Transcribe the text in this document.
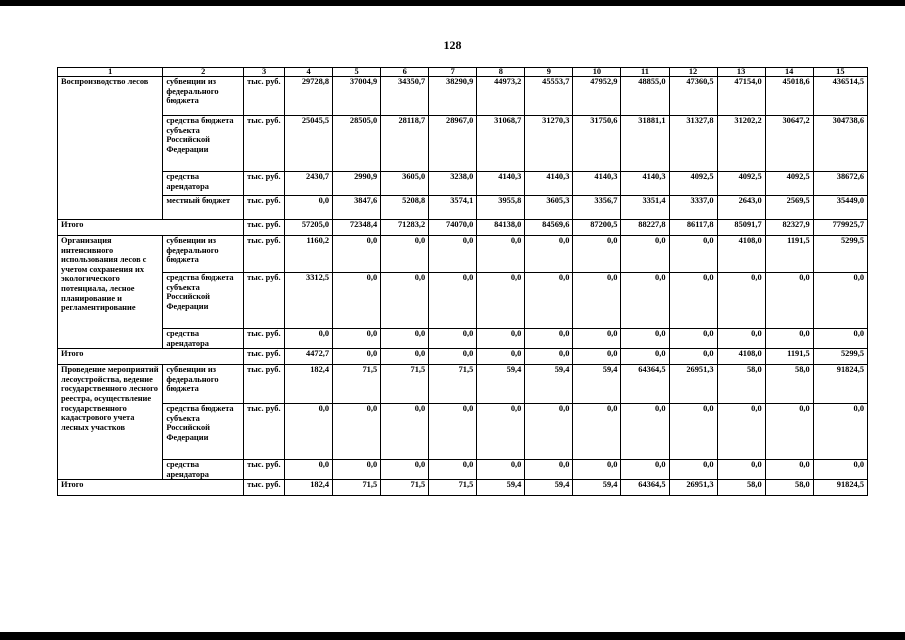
128
1	2	3	4	5	6	7	8	9	10	11	12	13	14	15
Воспроизводство лесов	субвенции из федерального бюджета	тыс. руб.	29728,8	37004,9	34350,7	38290,9	44973,2	45553,7	47952,9	48855,0	47360,5	47154,0	45018,6	436514,5
	средства бюджета субъекта Российской Федерации	тыс. руб.	25045,5	28505,0	28118,7	28967,0	31068,7	31270,3	31750,6	31881,1	31327,8	31202,2	30647,2	304738,6
	средства арендатора	тыс. руб.	2430,7	2990,9	3605,0	3238,0	4140,3	4140,3	4140,3	4140,3	4092,5	4092,5	4092,5	38672,6
	местный бюджет	тыс. руб.	0,0	3847,6	5208,8	3574,1	3955,8	3605,3	3356,7	3351,4	3337,0	2643,0	2569,5	35449,0
Итого		тыс. руб.	57205,0	72348,4	71283,2	74070,0	84138,0	84569,6	87200,5	88227,8	86117,8	85091,7	82327,9	779925,7
Организация интенсивного использования лесов с учетом сохранения их экологического потенциала, лесное планирование и регламентирование	субвенции из федерального бюджета	тыс. руб.	1160,2	0,0	0,0	0,0	0,0	0,0	0,0	0,0	0,0	4108,0	1191,5	5299,5
	средства бюджета субъекта Российской Федерации	тыс. руб.	3312,5	0,0	0,0	0,0	0,0	0,0	0,0	0,0	0,0	0,0	0,0	0,0
	средства арендатора	тыс. руб.	0,0	0,0	0,0	0,0	0,0	0,0	0,0	0,0	0,0	0,0	0,0	0,0
Итого		тыс. руб.	4472,7	0,0	0,0	0,0	0,0	0,0	0,0	0,0	0,0	4108,0	1191,5	5299,5
Проведение мероприятий лесоустройства, ведение государственного лесного реестра, осуществление государственного кадастрового учета лесных участков	субвенции из федерального бюджета	тыс. руб.	182,4	71,5	71,5	71,5	59,4	59,4	59,4	64364,5	26951,3	58,0	58,0	91824,5
	средства бюджета субъекта Российской Федерации	тыс. руб.	0,0	0,0	0,0	0,0	0,0	0,0	0,0	0,0	0,0	0,0	0,0	0,0
	средства арендатора	тыс. руб.	0,0	0,0	0,0	0,0	0,0	0,0	0,0	0,0	0,0	0,0	0,0	0,0
Итого		тыс. руб.	182,4	71,5	71,5	71,5	59,4	59,4	59,4	64364,5	26951,3	58,0	58,0	91824,5
